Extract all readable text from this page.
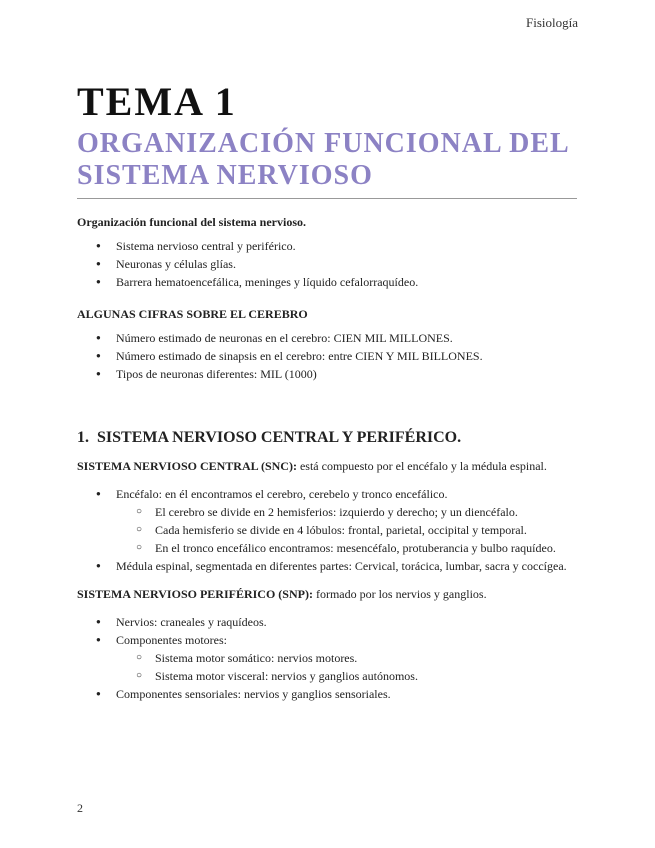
Fisiología
TEMA 1
ORGANIZACIÓN FUNCIONAL DEL
SISTEMA NERVIOSO

Organización funcional del sistema nervioso.

● Sistema nervioso central y periférico.
● Neuronas y células glías.
● Barrera hematoencefálica, meninges y líquido cefalorraquídeo.

ALGUNAS CIFRAS SOBRE EL CEREBRO

● Número estimado de neuronas en el cerebro: CIEN MIL MILLONES.
● Número estimado de sinapsis en el cerebro: entre CIEN Y MIL BILLONES.
● Tipos de neuronas diferentes: MIL (1000)
1. SISTEMA NERVIOSO CENTRAL Y PERIFÉRICO.

SISTEMA NERVIOSO CENTRAL (SNC): está compuesto por el encéfalo y la médula espinal.

● Encéfalo: en él encontramos el cerebro, cerebelo y tronco encefálico.
○ El cerebro se divide en 2 hemisferios: izquierdo y derecho; y un diencéfalo.
○ Cada hemisferio se divide en 4 lóbulos: frontal, parietal, occipital y temporal.
○ En el tronco encefálico encontramos: mesencéfalo, protuberancia y bulbo raquídeo.
● Médula espinal, segmentada en diferentes partes: Cervical, torácica, lumbar, sacra y coccígea.

SISTEMA NERVIOSO PERIFÉRICO (SNP): formado por los nervios y ganglios.

● Nervios: craneales y raquídeos.
● Componentes motores:
○ Sistema motor somático: nervios motores.
○ Sistema motor visceral: nervios y ganglios autónomos.
● Componentes sensoriales: nervios y ganglios sensoriales.
2
